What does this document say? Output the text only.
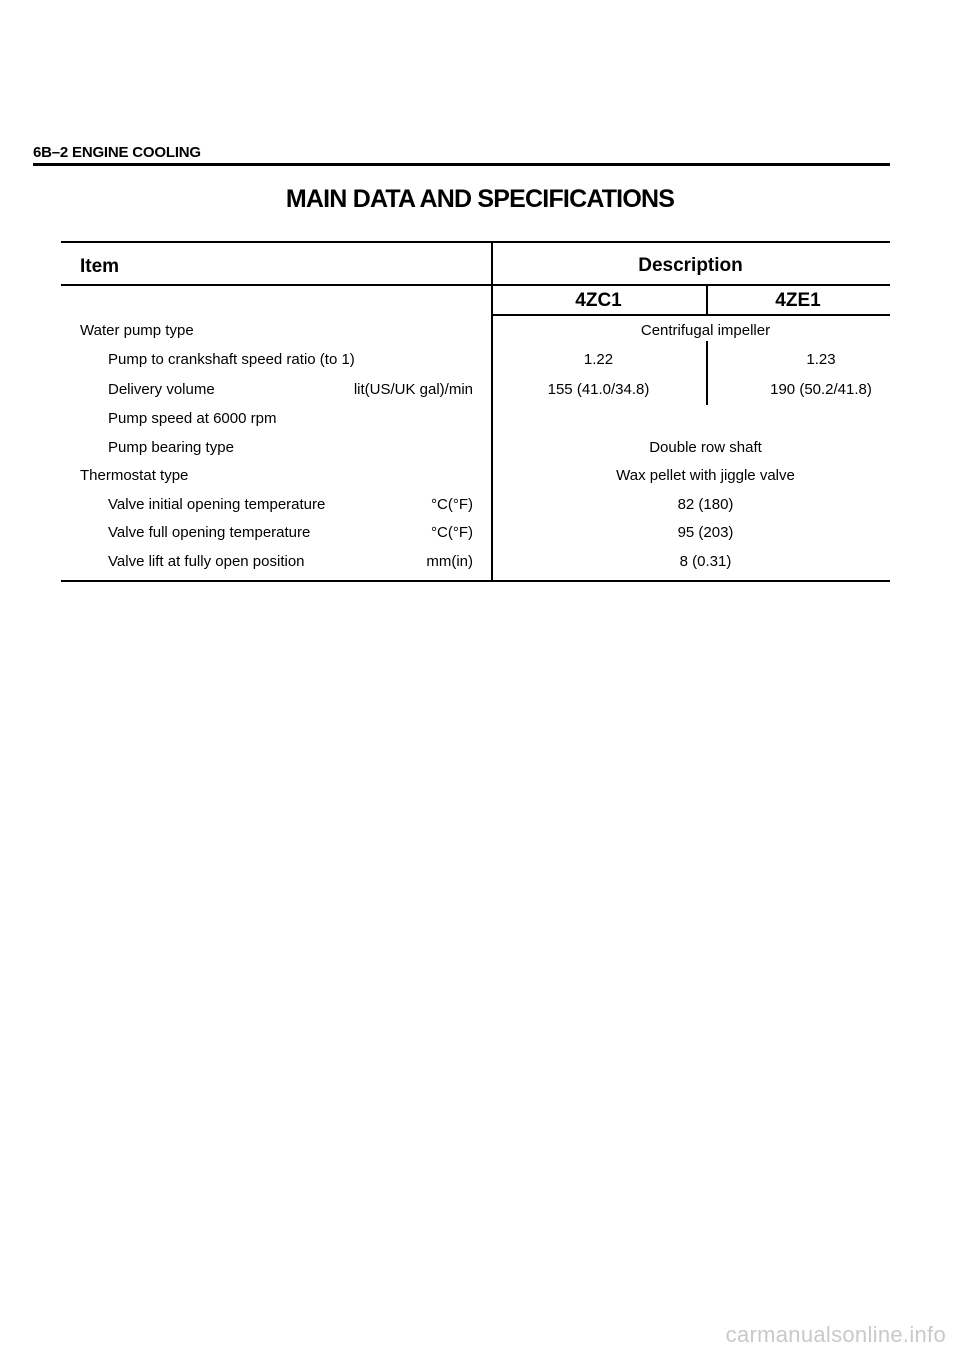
6B–2 ENGINE COOLING
MAIN DATA AND SPECIFICATIONS
Item	Description
4ZC1	4ZE1
Water pump type	Centrifugal impeller
Pump to crankshaft speed ratio (to 1)	1.22	1.23
Delivery volume	lit(US/UK gal)/min	155 (41.0/34.8)	190 (50.2/41.8)
Pump speed at 6000 rpm
Pump bearing type	Double row shaft
Thermostat type	Wax pellet with jiggle valve
Valve initial opening temperature	°C(°F)	82 (180)
Valve full opening temperature	°C(°F)	95 (203)
Valve lift at fully open position	mm(in)	8 (0.31)
carmanualsonline.info
